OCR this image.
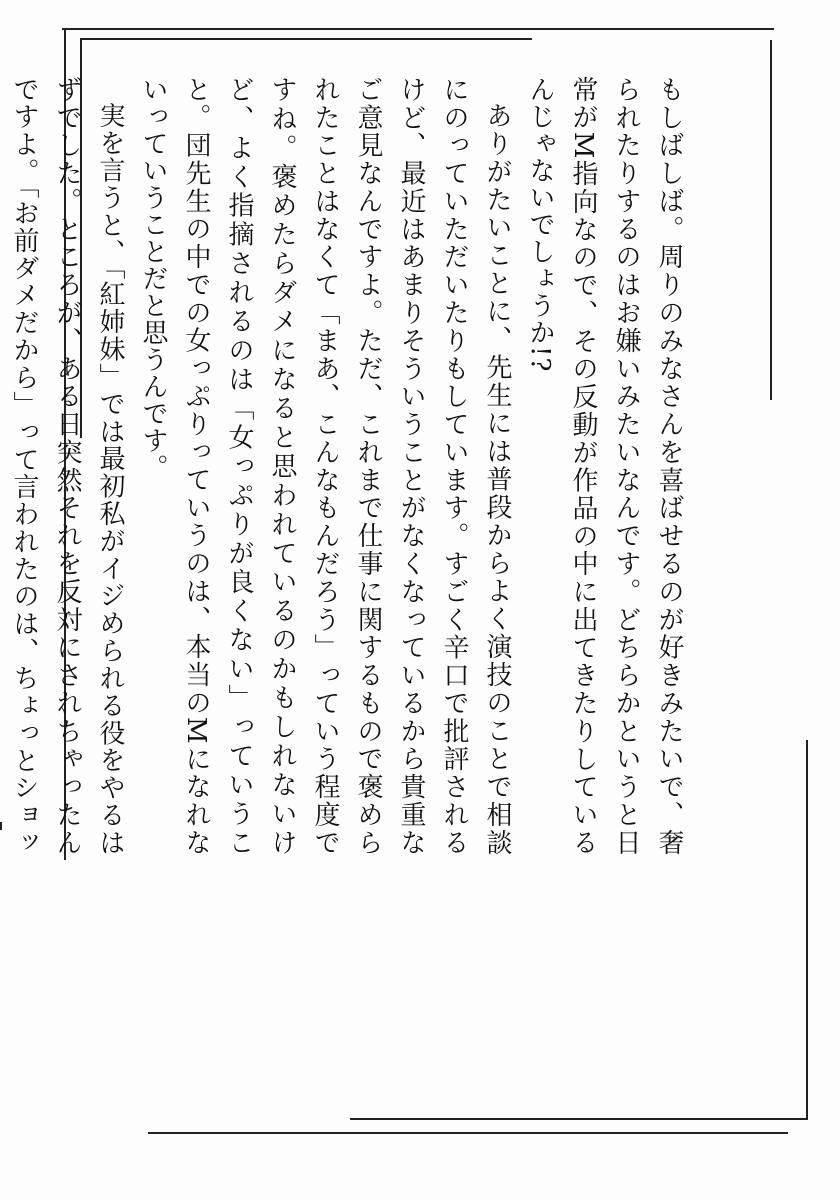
もしばしば。周りのみなさんを喜ばせるのが好きみたいで、奢られたりするのはお嫌いみたいなんです。どちらかというと日常がM指向なので、その反動が作品の中に出てきたりしているんじゃないでしょうか!?

ありがたいことに、先生には普段からよく演技のことで相談にのっていただいたりもしています。すごく辛口で批評されるけど、最近はあまりそういうことがなくなっているから貴重なご意見なんですよ。ただ、これまで仕事に関するもので褒められたことはなくて「まあ、こんなもんだろう」っていう程度ですね。褒めたらダメになると思われているのかもしれないけど、よく指摘されるのは「女っぷりが良くない」っていうこと。団先生の中での女っぷりっていうのは、本当のMになれないっていうことだと思うんです。

実を言うと、「紅姉妹」では最初私がイジめられる役をやるはずでした。ところが、ある日突然それを反対にされちゃったんですよ。「お前ダメだから」って言われたのは、ちょっとショッ
